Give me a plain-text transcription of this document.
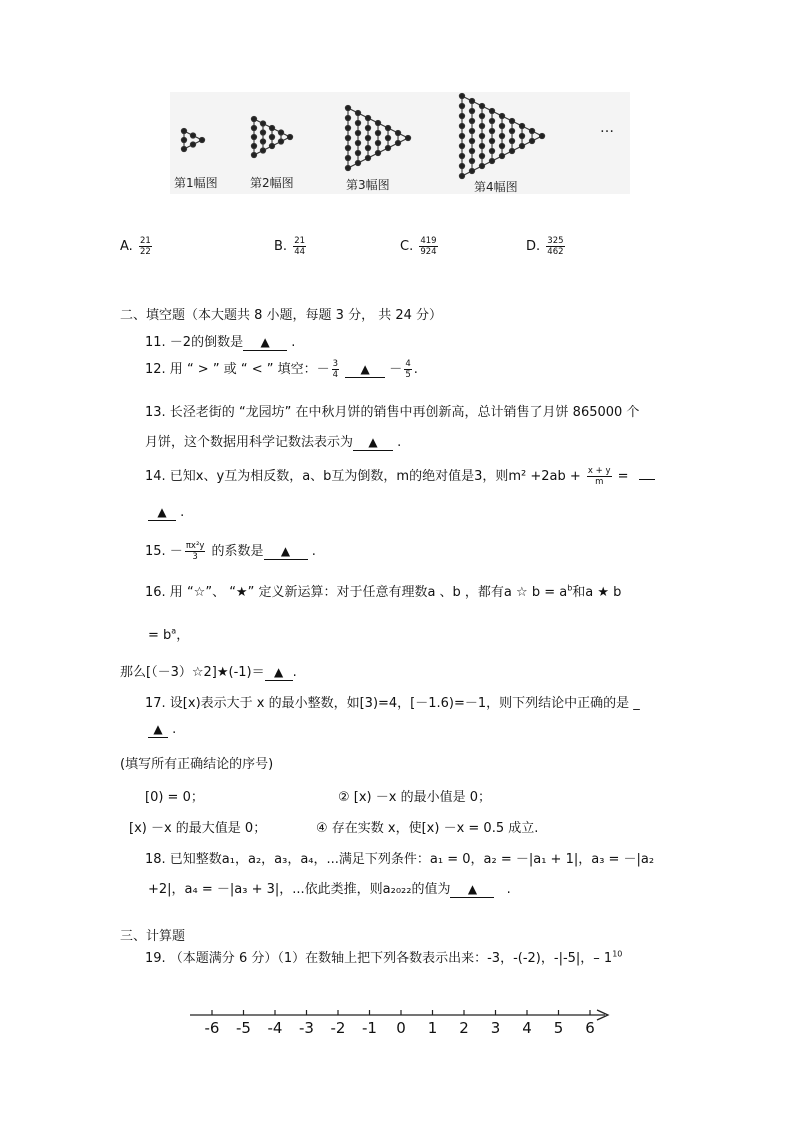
第1幅图	第2幅图	第3幅图	第4幅图
…
A. $\frac{21}{22}$	B. $\frac{21}{44}$	C. $\frac{419}{924}$	D. $\frac{325}{462}$
二、填空题（本大题共 8 小题，每题 3 分， 共 24 分）
11. －2的倒数是 ▲ .
12. 用 “ > ” 或 “ < ” 填空：－ $\frac{3}{4}$ ▲ － $\frac{4}{5}$ .
13. 长泾老街的 “龙园坊” 在中秋月饼的销售中再创新高，总计销售了月饼 865000 个
月饼，这个数据用科学记数法表示为 ▲ .
14. 已知x、y互为相反数，a、b互为倒数，m的绝对值是3，则$m^2 +2ab + \frac{x + y}{m}$ =
▲ .
15. － $\frac{\text{πx²y}}{3}$ 的系数是 ▲ .
16. 用 “☆”、 “★” 定义新运算：对于任意有理数a 、b ，都有a ☆ $b = a^b$和a ★ b
= $b^a$，
那么[（－3）☆2]★(-1)＝ ▲ .
17. 设[x)表示大于 x 的最小整数，如[3)=4，[－1.6)=－1，则下列结论中正确的是 _
▲ .
(填写所有正确结论的序号)
[0) = 0；	② [x) －x 的最小值是 0；
[x) －x 的最大值是 0；	④ 存在实数 x，使[x) －x = 0.5 成立.
18. 已知整数a₁，a₂，a₃，a₄，...满足下列条件：a₁ = 0，a₂ = －|a₁ + 1|，a₃ = －|a₂
+2|，a₄ = －|a₃ + 3|，...依此类推，则a₂₀₂₂的值为 ▲ .
三、计算题
19. （本题满分 6 分）（1）在数轴上把下列各数表示出来：-3，-(-2)，-|-5|，– $1^{10}$
-6 -5 -4 -3 -2 -1 0 1 2 3 4 5 6
